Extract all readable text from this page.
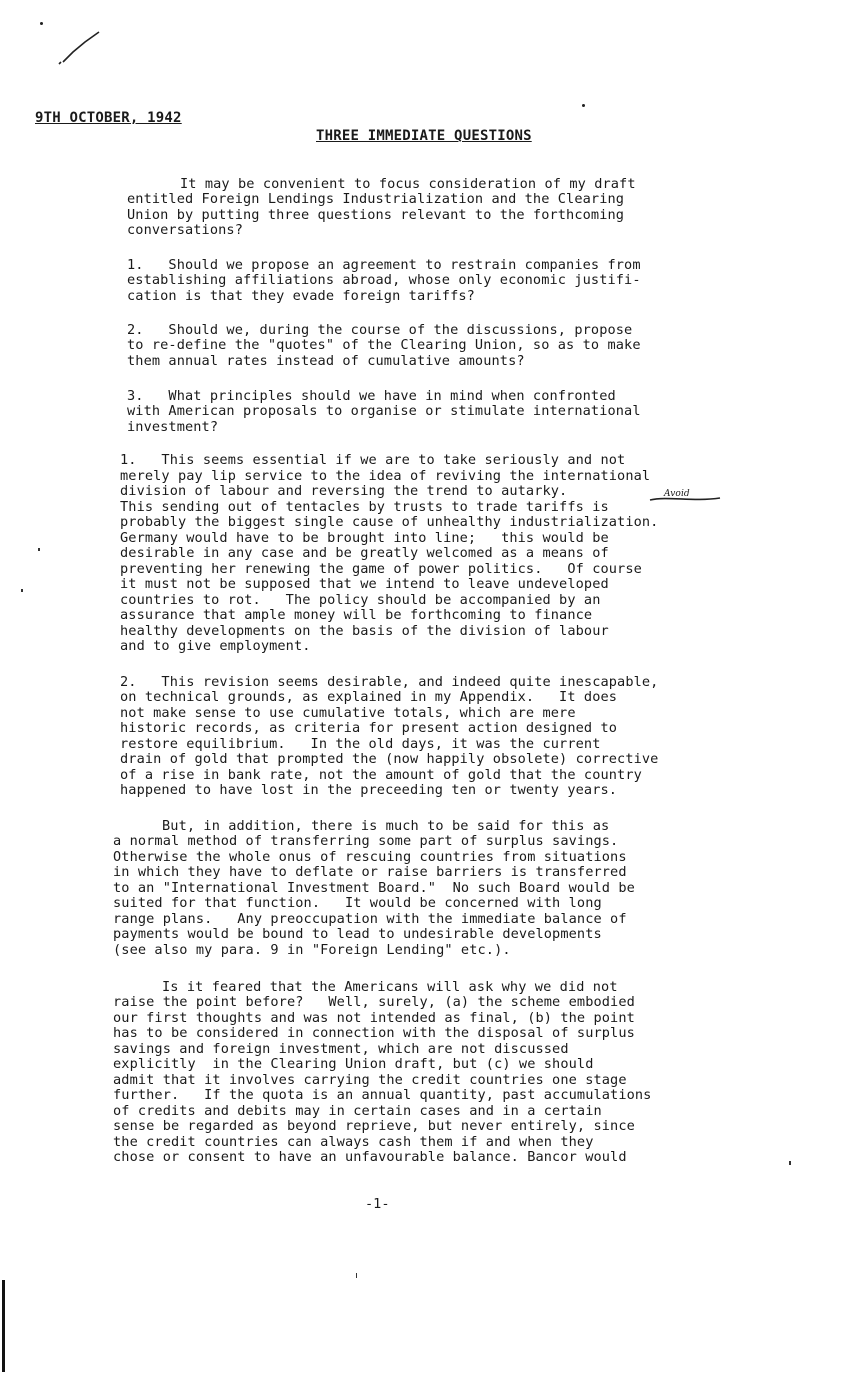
9TH OCTOBER, 1942
THREE IMMEDIATE QUESTIONS
It may be convenient to focus consideration of my draft
entitled Foreign Lendings Industrialization and the Clearing
Union by putting three questions relevant to the forthcoming
conversations?
1.   Should we propose an agreement to restrain companies from
establishing affiliations abroad, whose only economic justifi-
cation is that they evade foreign tariffs?
2.   Should we, during the course of the discussions, propose
to re-define the "quotes" of the Clearing Union, so as to make
them annual rates instead of cumulative amounts?
3.   What principles should we have in mind when confronted
with American proposals to organise or stimulate international
investment?
1.   This seems essential if we are to take seriously and not
merely pay lip service to the idea of reviving the international
division of labour and reversing the trend to autarky.
This sending out of tentacles by trusts to trade tariffs is
probably the biggest single cause of unhealthy industrialization.
Germany would have to be brought into line;   this would be
desirable in any case and be greatly welcomed as a means of
preventing her renewing the game of power politics.   Of course
it must not be supposed that we intend to leave undeveloped
countries to rot.   The policy should be accompanied by an
assurance that ample money will be forthcoming to finance
healthy developments on the basis of the division of labour
and to give employment.
Avoid
2.   This revision seems desirable, and indeed quite inescapable,
on technical grounds, as explained in my Appendix.   It does
not make sense to use cumulative totals, which are mere
historic records, as criteria for present action designed to
restore equilibrium.   In the old days, it was the current
drain of gold that prompted the (now happily obsolete) corrective
of a rise in bank rate, not the amount of gold that the country
happened to have lost in the preceeding ten or twenty years.
But, in addition, there is much to be said for this as
a normal method of transferring some part of surplus savings.
Otherwise the whole onus of rescuing countries from situations
in which they have to deflate or raise barriers is transferred
to an "International Investment Board."  No such Board would be
suited for that function.   It would be concerned with long
range plans.   Any preoccupation with the immediate balance of
payments would be bound to lead to undesirable developments
(see also my para. 9 in "Foreign Lending" etc.).
Is it feared that the Americans will ask why we did not
raise the point before?   Well, surely, (a) the scheme embodied
our first thoughts and was not intended as final, (b) the point
has to be considered in connection with the disposal of surplus
savings and foreign investment, which are not discussed
explicitly  in the Clearing Union draft, but (c) we should
admit that it involves carrying the credit countries one stage
further.   If the quota is an annual quantity, past accumulations
of credits and debits may in certain cases and in a certain
sense be regarded as beyond reprieve, but never entirely, since
the credit countries can always cash them if and when they
chose or consent to have an unfavourable balance. Bancor would
-1-
